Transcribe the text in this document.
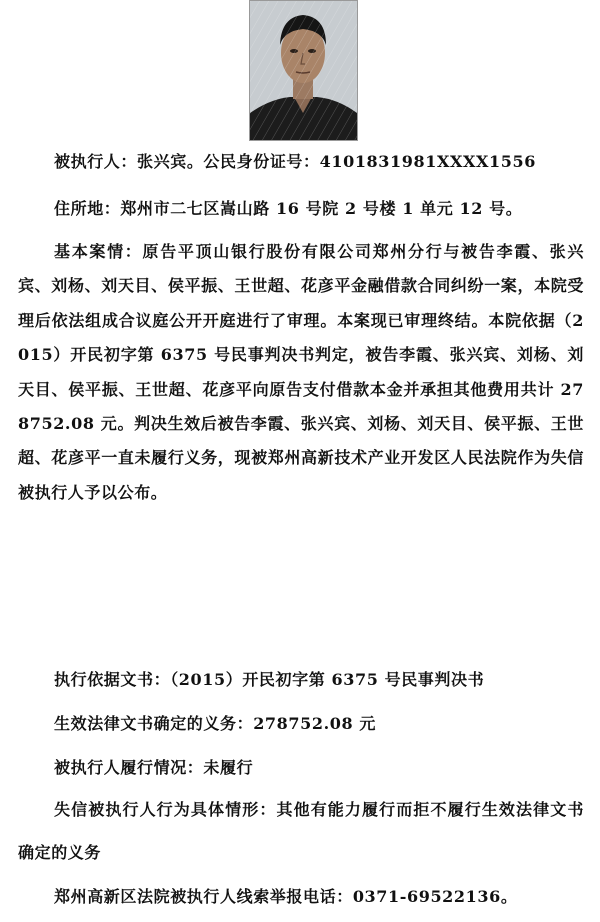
被执行人：张兴宾。公民身份证号：4101831981XXXX1556
住所地：郑州市二七区嵩山路 16 号院 2 号楼 1 单元 12 号。
基本案情：原告平顶山银行股份有限公司郑州分行与被告李霞、张兴宾、刘杨、刘天目、侯平振、王世超、花彦平金融借款合同纠纷一案，本院受理后依法组成合议庭公开开庭进行了审理。本案现已审理终结。本院依据（2015）开民初字第 6375 号民事判决书判定，被告李霞、张兴宾、刘杨、刘天目、侯平振、王世超、花彦平向原告支付借款本金并承担其他费用共计 278752.08 元。判决生效后被告李霞、张兴宾、刘杨、刘天目、侯平振、王世超、花彦平一直未履行义务，现被郑州高新技术产业开发区人民法院作为失信被执行人予以公布。
执行依据文书：（2015）开民初字第 6375 号民事判决书
生效法律文书确定的义务：278752.08 元
被执行人履行情况：未履行
失信被执行人行为具体情形：其他有能力履行而拒不履行生效法律文书确定的义务
郑州高新区法院被执行人线索举报电话：0371-69522136。
